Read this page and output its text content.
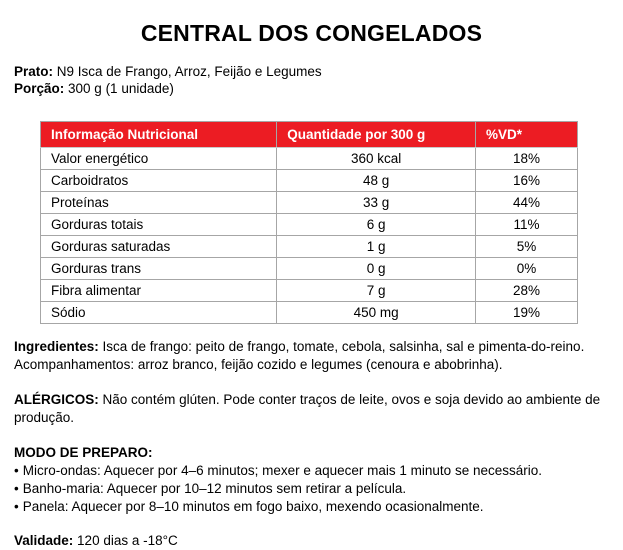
CENTRAL DOS CONGELADOS
Prato: N9 Isca de Frango, Arroz, Feijão e Legumes
Porção: 300 g (1 unidade)
Informação Nutricional	Quantidade por 300 g	%VD*
Valor energético	360 kcal	18%
Carboidratos	48 g	16%
Proteínas	33 g	44%
Gorduras totais	6 g	11%
Gorduras saturadas	1 g	5%
Gorduras trans	0 g	0%
Fibra alimentar	7 g	28%
Sódio	450 mg	19%
Ingredientes: Isca de frango: peito de frango, tomate, cebola, salsinha, sal e pimenta-do-reino. Acompanhamentos: arroz branco, feijão cozido e legumes (cenoura e abobrinha).
ALÉRGICOS: Não contém glúten. Pode conter traços de leite, ovos e soja devido ao ambiente de produção.
MODO DE PREPARO:
• Micro-ondas: Aquecer por 4–6 minutos; mexer e aquecer mais 1 minuto se necessário.
• Banho-maria: Aquecer por 10–12 minutos sem retirar a película.
• Panela: Aquecer por 8–10 minutos em fogo baixo, mexendo ocasionalmente.
Validade: 120 dias a -18°C
